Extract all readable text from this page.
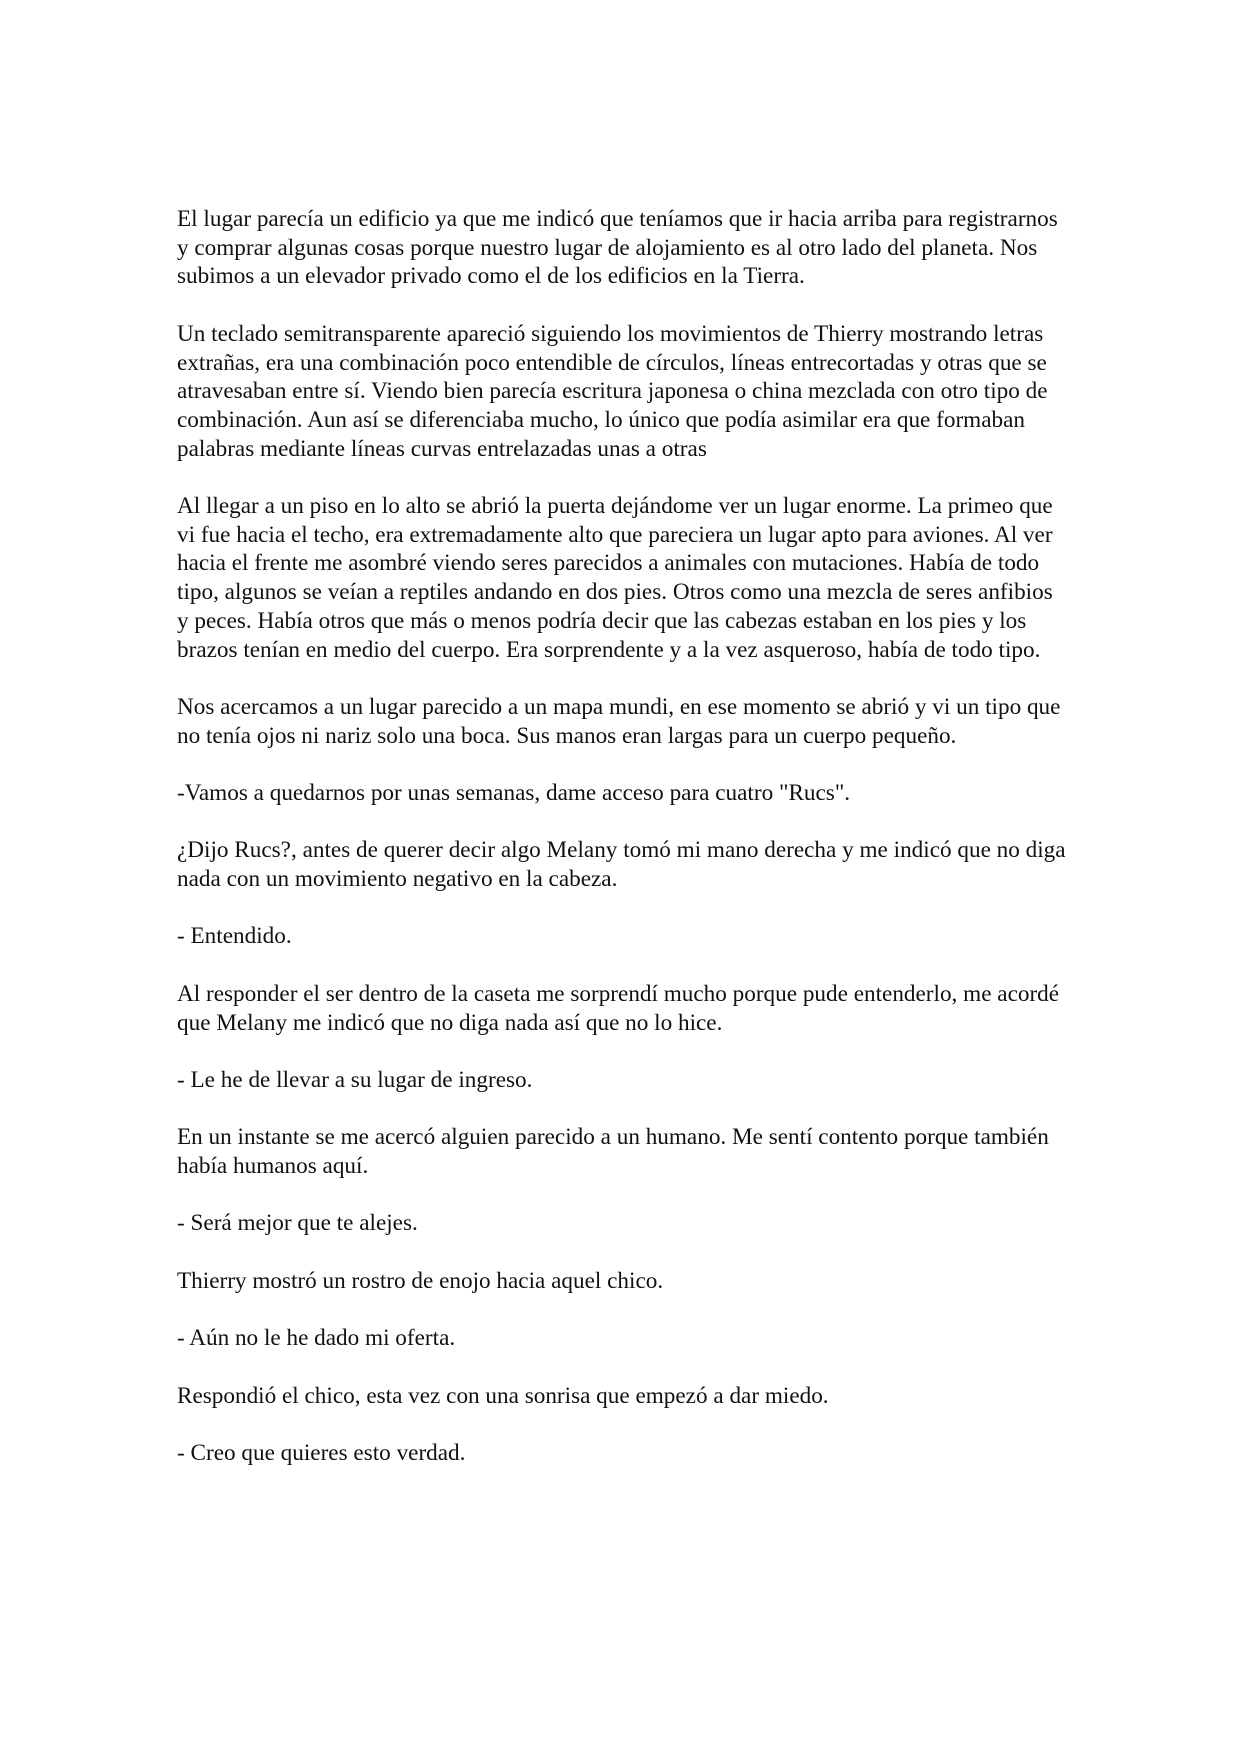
El lugar parecía un edificio ya que me indicó que teníamos que ir hacia arriba para registrarnos y comprar algunas cosas porque nuestro lugar de alojamiento es al otro lado del planeta. Nos subimos a un elevador privado como el de los edificios en la Tierra.

Un teclado semitransparente apareció siguiendo los movimientos de Thierry mostrando letras extrañas, era una combinación poco entendible de círculos, líneas entrecortadas y otras que se atravesaban entre sí. Viendo bien parecía escritura japonesa o china mezclada con otro tipo de combinación. Aun así se diferenciaba mucho, lo único que podía asimilar era que formaban palabras mediante líneas curvas entrelazadas unas a otras

Al llegar a un piso en lo alto se abrió la puerta dejándome ver un lugar enorme. La primeo que vi fue hacia el techo, era extremadamente alto que pareciera un lugar apto para aviones. Al ver hacia el frente me asombré viendo seres parecidos a animales con mutaciones. Había de todo tipo, algunos se veían a reptiles andando en dos pies. Otros como una mezcla de seres anfibios y peces. Había otros que más o menos podría decir que las cabezas estaban en los pies y los brazos tenían en medio del cuerpo. Era sorprendente y a la vez asqueroso, había de todo tipo.

Nos acercamos a un lugar parecido a un mapa mundi, en ese momento se abrió y vi un tipo que no tenía ojos ni nariz solo una boca. Sus manos eran largas para un cuerpo pequeño.

-Vamos a quedarnos por unas semanas, dame acceso para cuatro "Rucs".

¿Dijo Rucs?, antes de querer decir algo Melany tomó mi mano derecha y me indicó que no diga nada con un movimiento negativo en la cabeza.

- Entendido.

Al responder el ser dentro de la caseta me sorprendí mucho porque pude entenderlo, me acordé que Melany me indicó que no diga nada así que no lo hice.

- Le he de llevar a su lugar de ingreso.

En un instante se me acercó alguien parecido a un humano. Me sentí contento porque también había humanos aquí.

- Será mejor que te alejes.

Thierry mostró un rostro de enojo hacia aquel chico.

- Aún no le he dado mi oferta.

Respondió el chico, esta vez con una sonrisa que empezó a dar miedo.

- Creo que quieres esto verdad.
